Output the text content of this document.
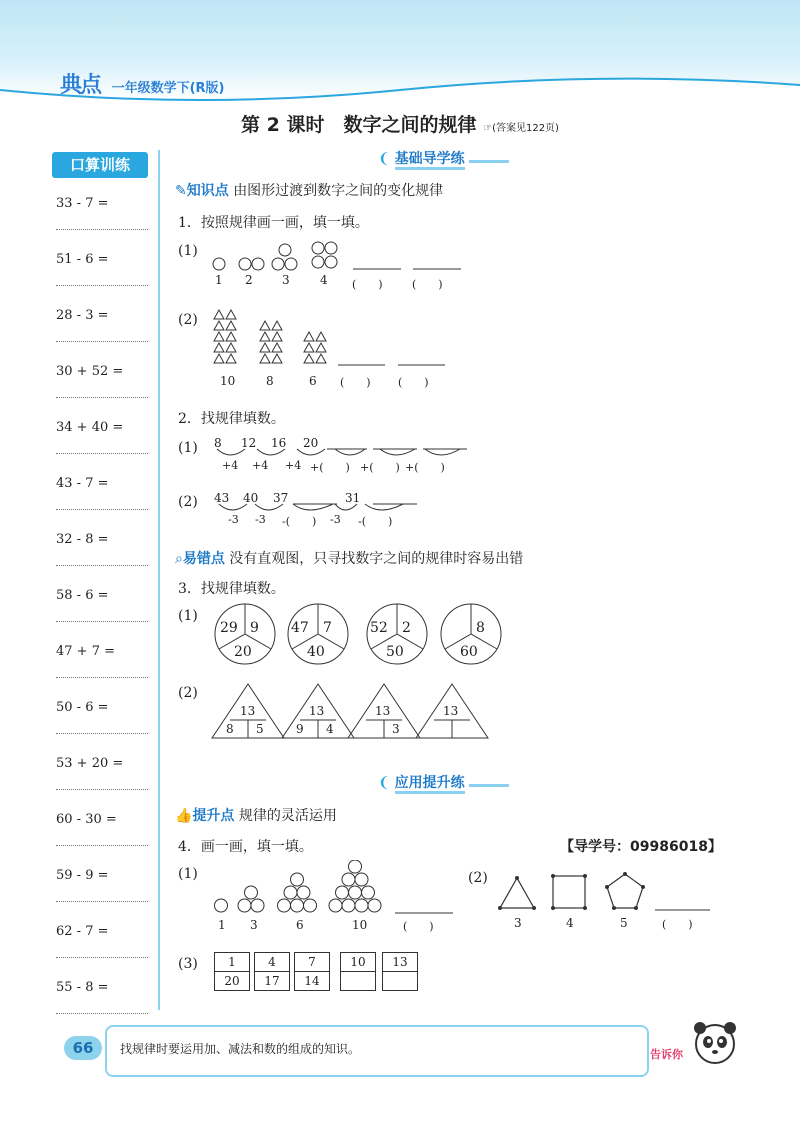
典点 一年级数学下(R版)
第 2 课时　数字之间的规律 ☞(答案见122页)
口算训练
33 - 7 =
51 - 6 =
28 - 3 =
30 + 52 =
34 + 40 =
43 - 7 =
32 - 8 =
58 - 6 =
47 + 7 =
50 - 6 =
53 + 20 =
60 - 30 =
59 - 9 =
62 - 7 =
55 - 8 =
❨ 基础导学练
✎知识点 由图形过渡到数字之间的变化规律
1．按照规律画一画，填一填。
(1)
1 2 3	4 (　　)	(　　)
(2)
10	8	6 (　　) (　　)
2．找规律填数。
(1) 8 12 16 20
+4 +4 +4 +(　　) +(　　) +(　　)
(2) 43 40 37	31
-3 -3 -(　　) -3 -(　　)
⌕易错点 没有直观图，只寻找数字之间的规律时容易出错
3．找规律填数。
(1)
29 9
20
47 7
40
52 2
50
8
60
(2)
13
8 5
13
9 4
13
3
13
❨ 应用提升练
👍提升点 规律的灵活运用
4．画一画，填一填。	【导学号：09986018】
(1)
1 3	6	10	(　　)
(2)
3	4	5	(　　)
(3)	1
20
4
17
7
14
10	13
66	找规律时要运用加、减法和数的组成的知识。	告诉你
